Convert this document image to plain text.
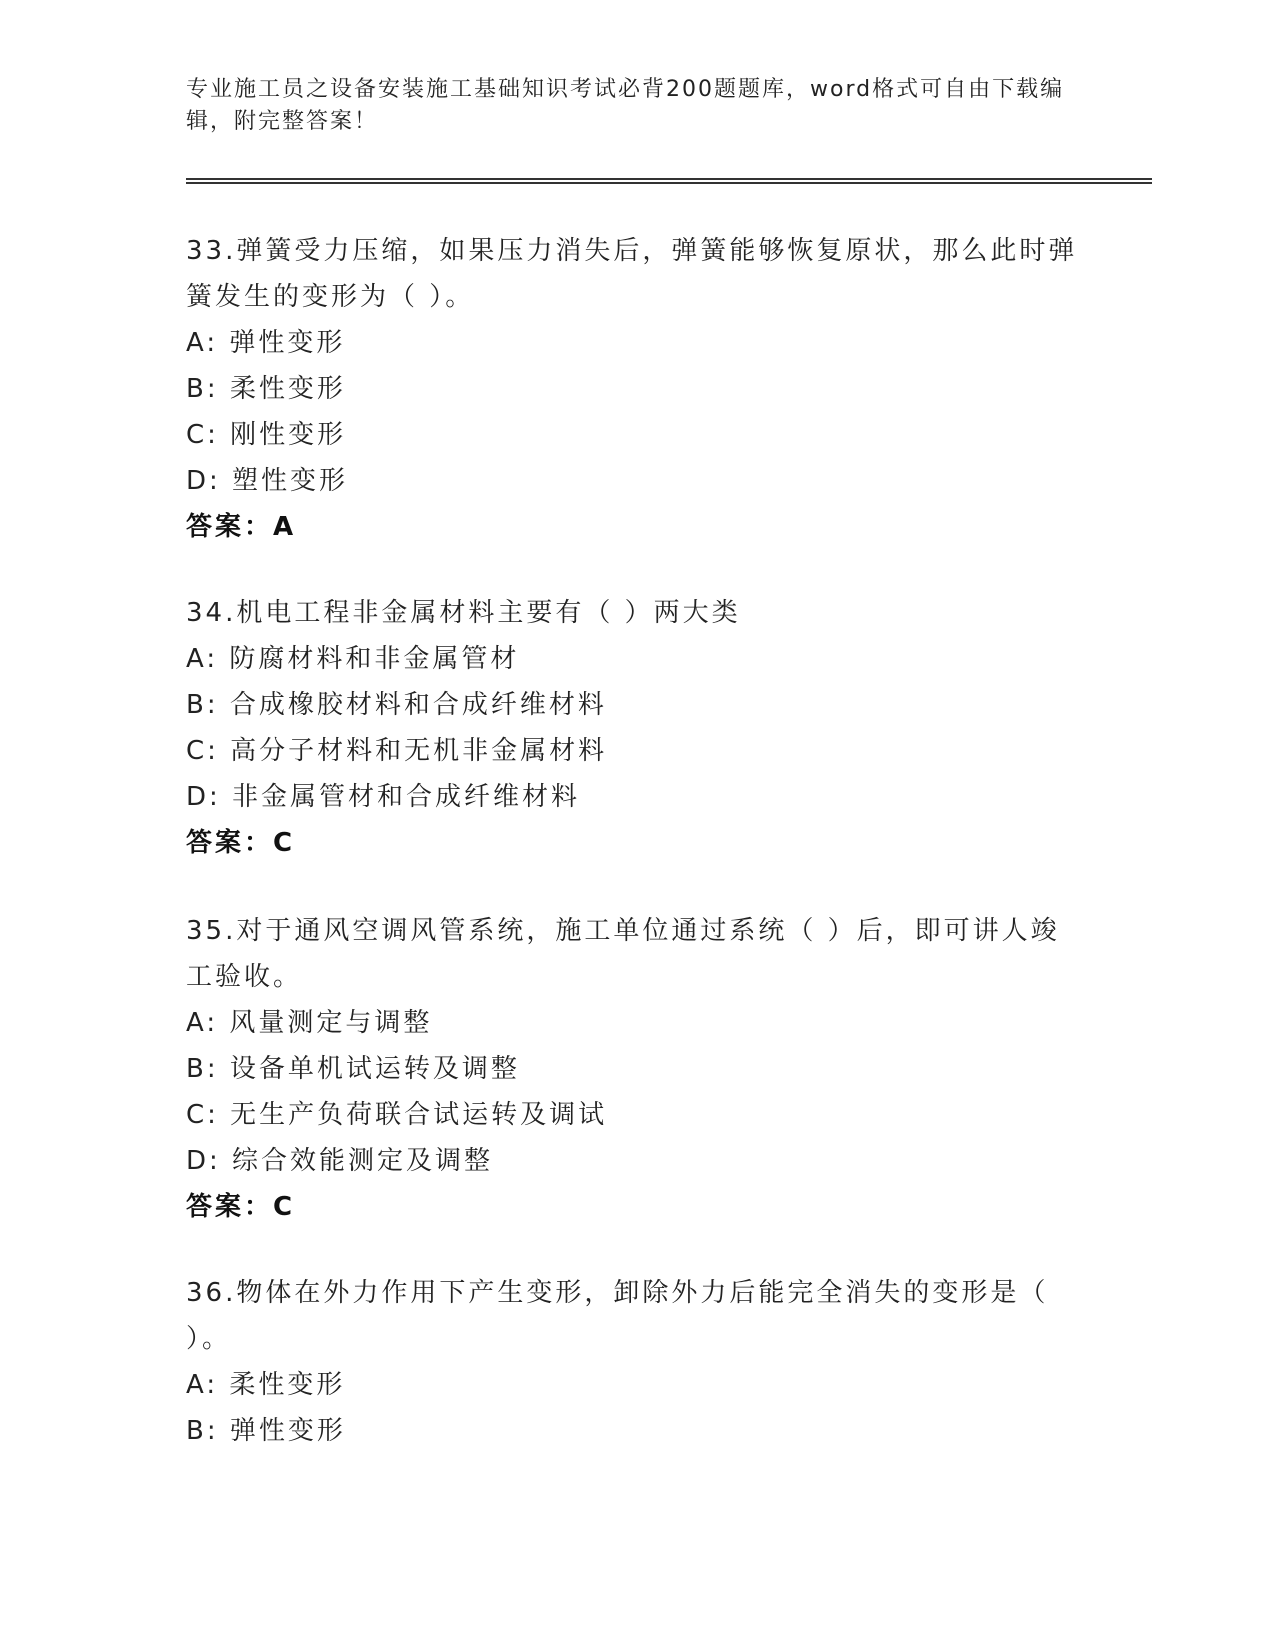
专业施工员之设备安装施工基础知识考试必背200题题库，word格式可自由下载编辑，附完整答案！

33.弹簧受力压缩，如果压力消失后，弹簧能够恢复原状，那么此时弹簧发生的变形为（ ）。

A: 弹性变形

B: 柔性变形

C: 刚性变形

D: 塑性变形

答案：A

34.机电工程非金属材料主要有（ ）两大类

A: 防腐材料和非金属管材

B: 合成橡胶材料和合成纤维材料

C: 高分子材料和无机非金属材料

D: 非金属管材和合成纤维材料

答案：C

35.对于通风空调风管系统，施工单位通过系统（ ）后，即可讲人竣工验收。

A: 风量测定与调整

B: 设备单机试运转及调整

C: 无生产负荷联合试运转及调试

D: 综合效能测定及调整

答案：C

36.物体在外力作用下产生变形，卸除外力后能完全消失的变形是（ ）。

A: 柔性变形

B: 弹性变形
